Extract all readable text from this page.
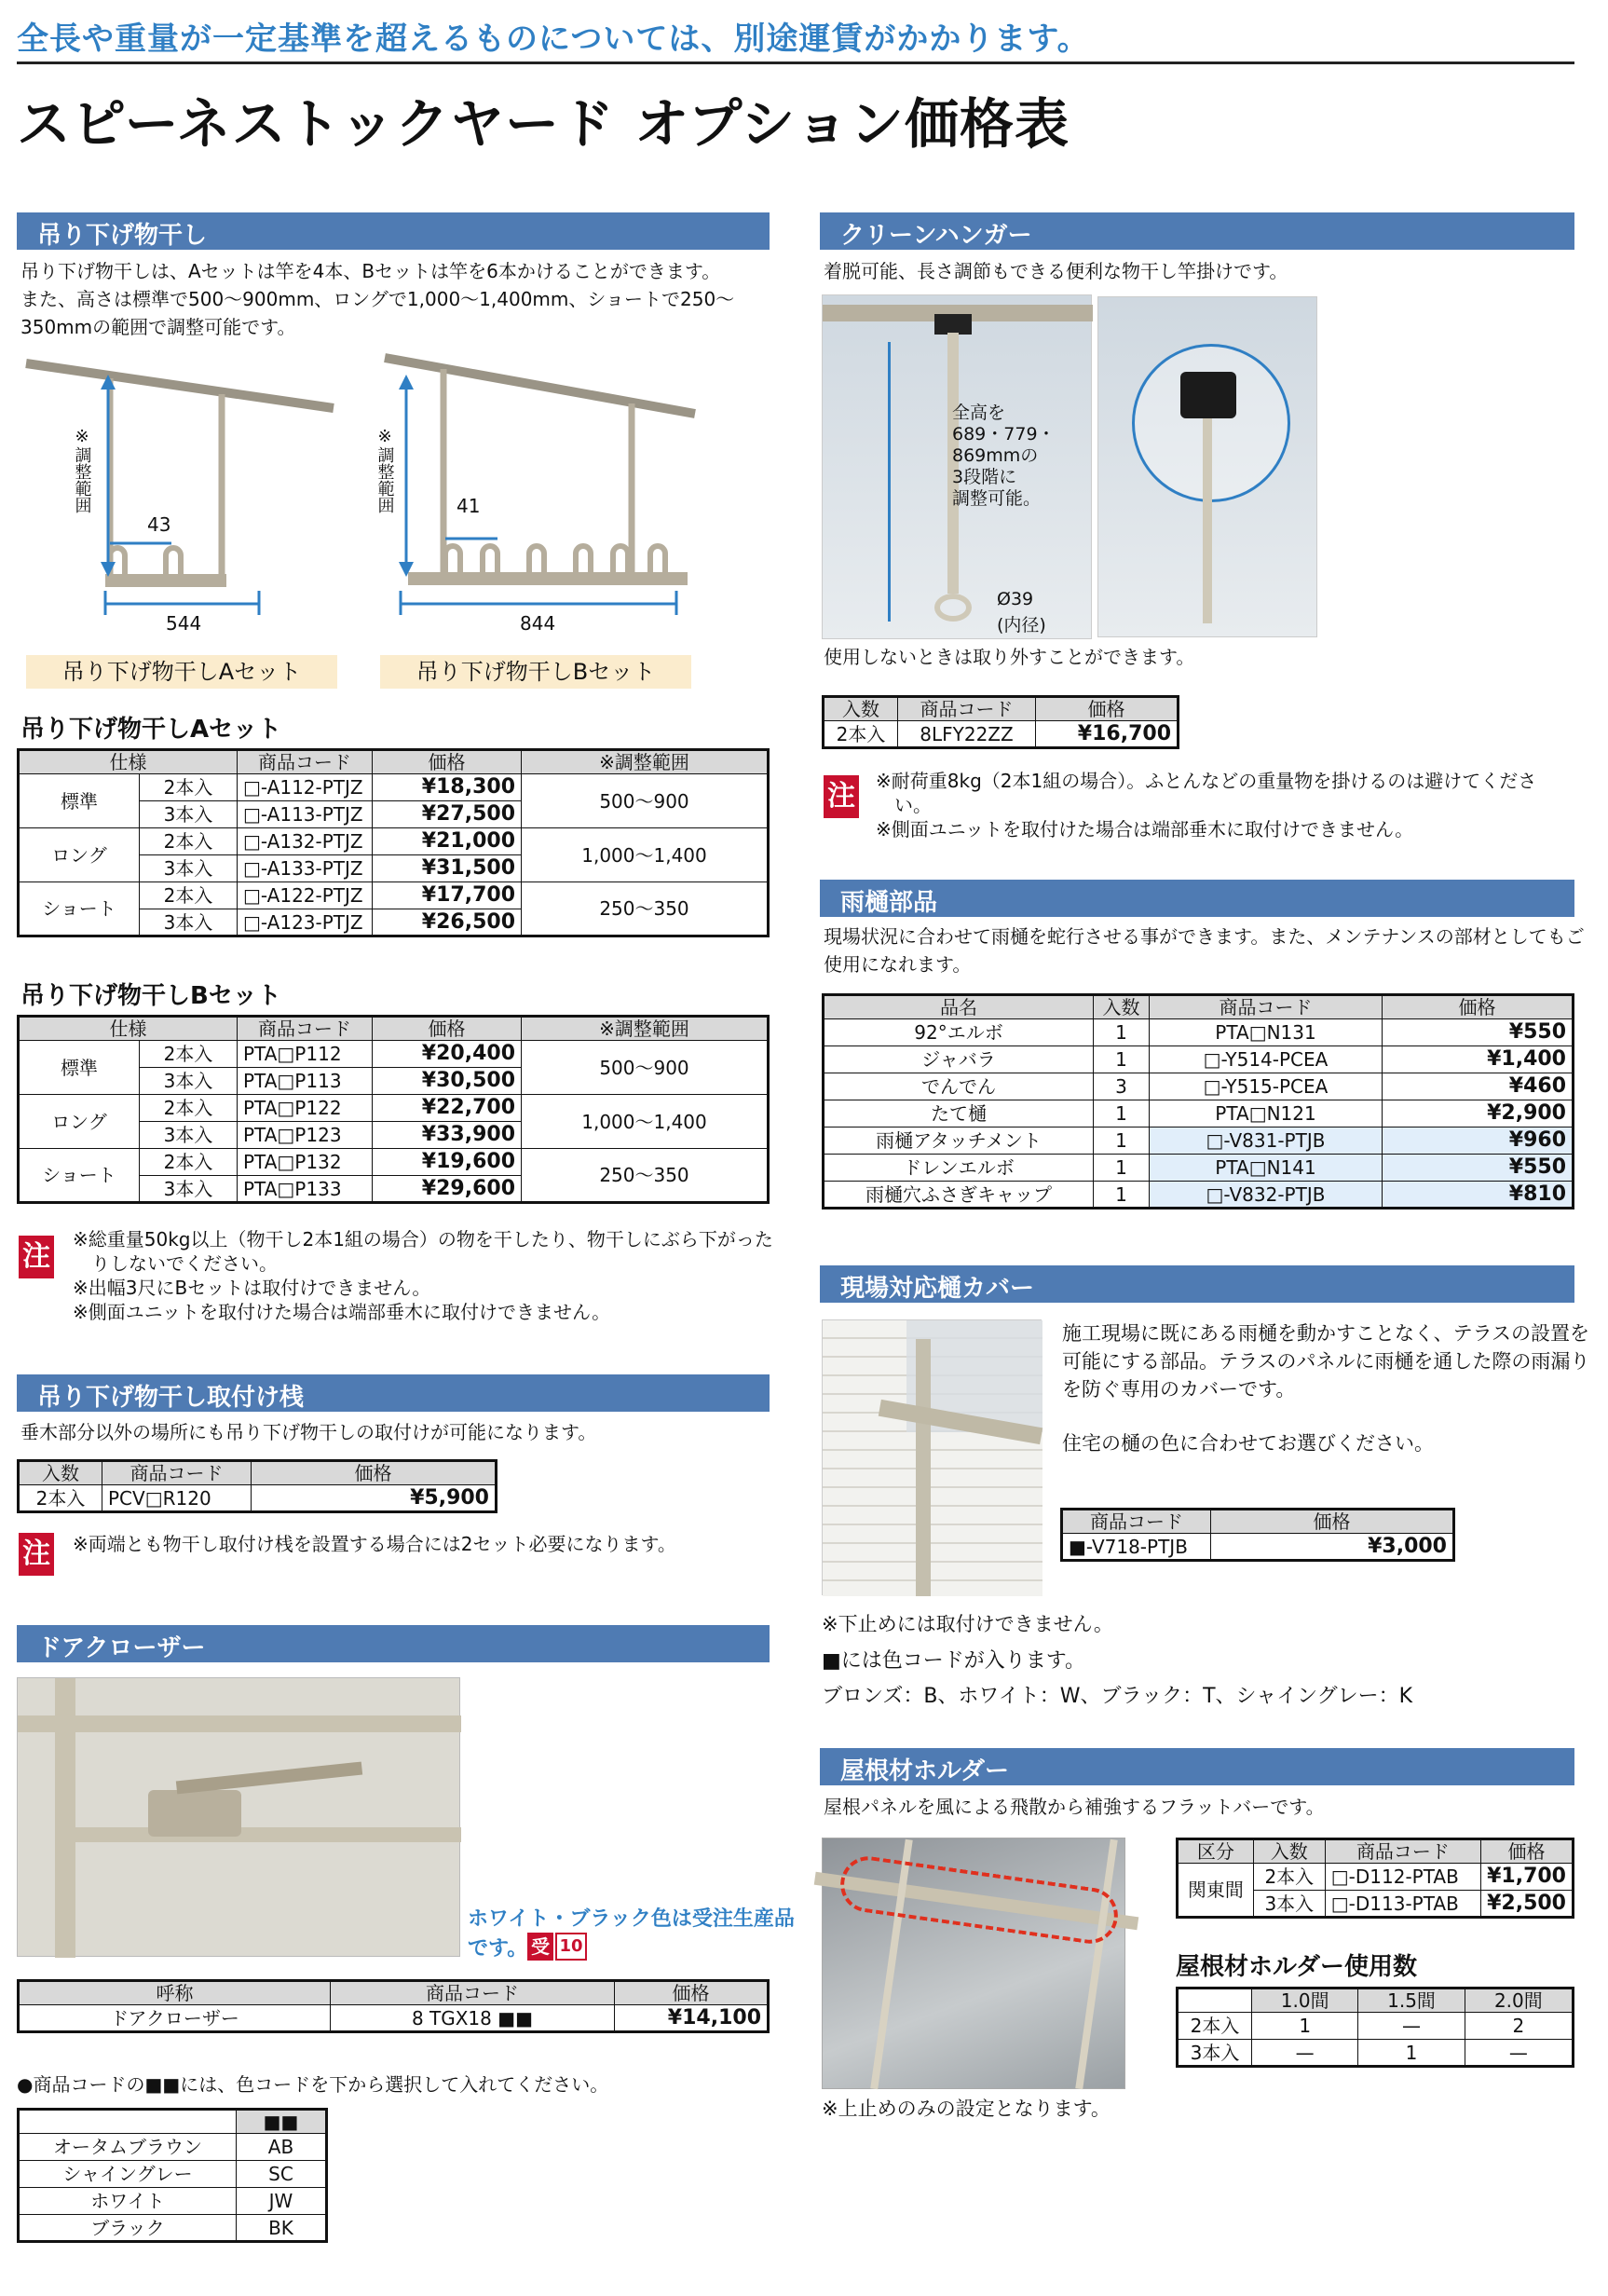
全長や重量が一定基準を超えるものについては、別途運賃がかかります。
スピーネストックヤード オプション価格表
吊り下げ物干し
吊り下げ物干しは、Aセットは竿を4本、Bセットは竿を6本かけることができます。
また、高さは標準で500～900mm、ロングで1,000～1,400mm、ショートで250～
350mmの範囲で調整可能です。
※調整範囲
43
544
吊り下げ物干しAセット
※調整範囲	41
844
吊り下げ物干しBセット
吊り下げ物干しAセット
仕様		商品コード	価格	※調整範囲
標準	2本入	□-A112-PTJZ	¥18,300	500～900
	3本入	□-A113-PTJZ	¥27,500	
ロング	2本入	□-A132-PTJZ	¥21,000	1,000～1,400
	3本入	□-A133-PTJZ	¥31,500	
ショート	2本入	□-A122-PTJZ	¥17,700	250～350
	3本入	□-A123-PTJZ	¥26,500	
吊り下げ物干しBセット
仕様		商品コード	価格	※調整範囲
標準	2本入	PTA□P112	¥20,400	500～900
	3本入	PTA□P113	¥30,500	
ロング	2本入	PTA□P122	¥22,700	1,000～1,400
	3本入	PTA□P123	¥33,900	
ショート	2本入	PTA□P132	¥19,600	250～350
	3本入	PTA□P133	¥29,600	
注
※総重量50kg以上（物干し2本1組の場合）の物を干したり、物干しにぶら下がった
りしないでください。
※出幅3尺にBセットは取付けできません。
※側面ユニットを取付けた場合は端部垂木に取付けできません。
吊り下げ物干し取付け桟
垂木部分以外の場所にも吊り下げ物干しの取付けが可能になります。
入数	商品コード	価格
2本入	PCV□R120	¥5,900
注 ※両端とも物干し取付け桟を設置する場合には2セット必要になります。
ドアクローザー
ホワイト・ブラック色は受注生産品
です。 受 10
呼称	商品コード	価格
ドアクローザー	8 TGX18 ■■	¥14,100
●商品コードの■■には、色コードを下から選択して入れてください。
	■■
オータムブラウン	AB
シャイングレー	SC
ホワイト	JW
ブラック	BK
クリーンハンガー
着脱可能、長さ調節もできる便利な物干し竿掛けです。
全高を
689・779・
869mmの
3段階に
調整可能。
Ø39
(内径)
使用しないときは取り外すことができます。
入数	商品コード	価格
2本入	8LFY22ZZ	¥16,700
注 ※耐荷重8kg（2本1組の場合）。ふとんなどの重量物を掛けるのは避けてくださ
い。
※側面ユニットを取付けた場合は端部垂木に取付けできません。
雨樋部品
現場状況に合わせて雨樋を蛇行させる事ができます。また、メンテナンスの部材としてもご
使用になれます。
品名	入数	商品コード	価格
92°エルボ	1	PTA□N131	¥550
ジャバラ	1	□-Y514-PCEA	¥1,400
でんでん	3	□-Y515-PCEA	¥460
たて樋	1	PTA□N121	¥2,900
雨樋アタッチメント	1	□-V831-PTJB	¥960
ドレンエルボ	1	PTA□N141	¥550
雨樋穴ふさぎキャップ	1	□-V832-PTJB	¥810
現場対応樋カバー
施工現場に既にある雨樋を動かすことなく、テラスの設置を
可能にする部品。テラスのパネルに雨樋を通した際の雨漏り
を防ぐ専用のカバーです。
住宅の樋の色に合わせてお選びください。
商品コード	価格
■-V718-PTJB	¥3,000
※下止めには取付けできません。
■には色コードが入ります。
ブロンズ：B、ホワイト：W、ブラック：T、シャイングレー：K
屋根材ホルダー
屋根パネルを風による飛散から補強するフラットバーです。
区分	入数	商品コード	価格
関東間	2本入	□-D112-PTAB	¥1,700
	3本入	□-D113-PTAB	¥2,500
屋根材ホルダー使用数
	1.0間	1.5間	2.0間
2本入	1	—	2
3本入	—	1	—
※上止めのみの設定となります。
